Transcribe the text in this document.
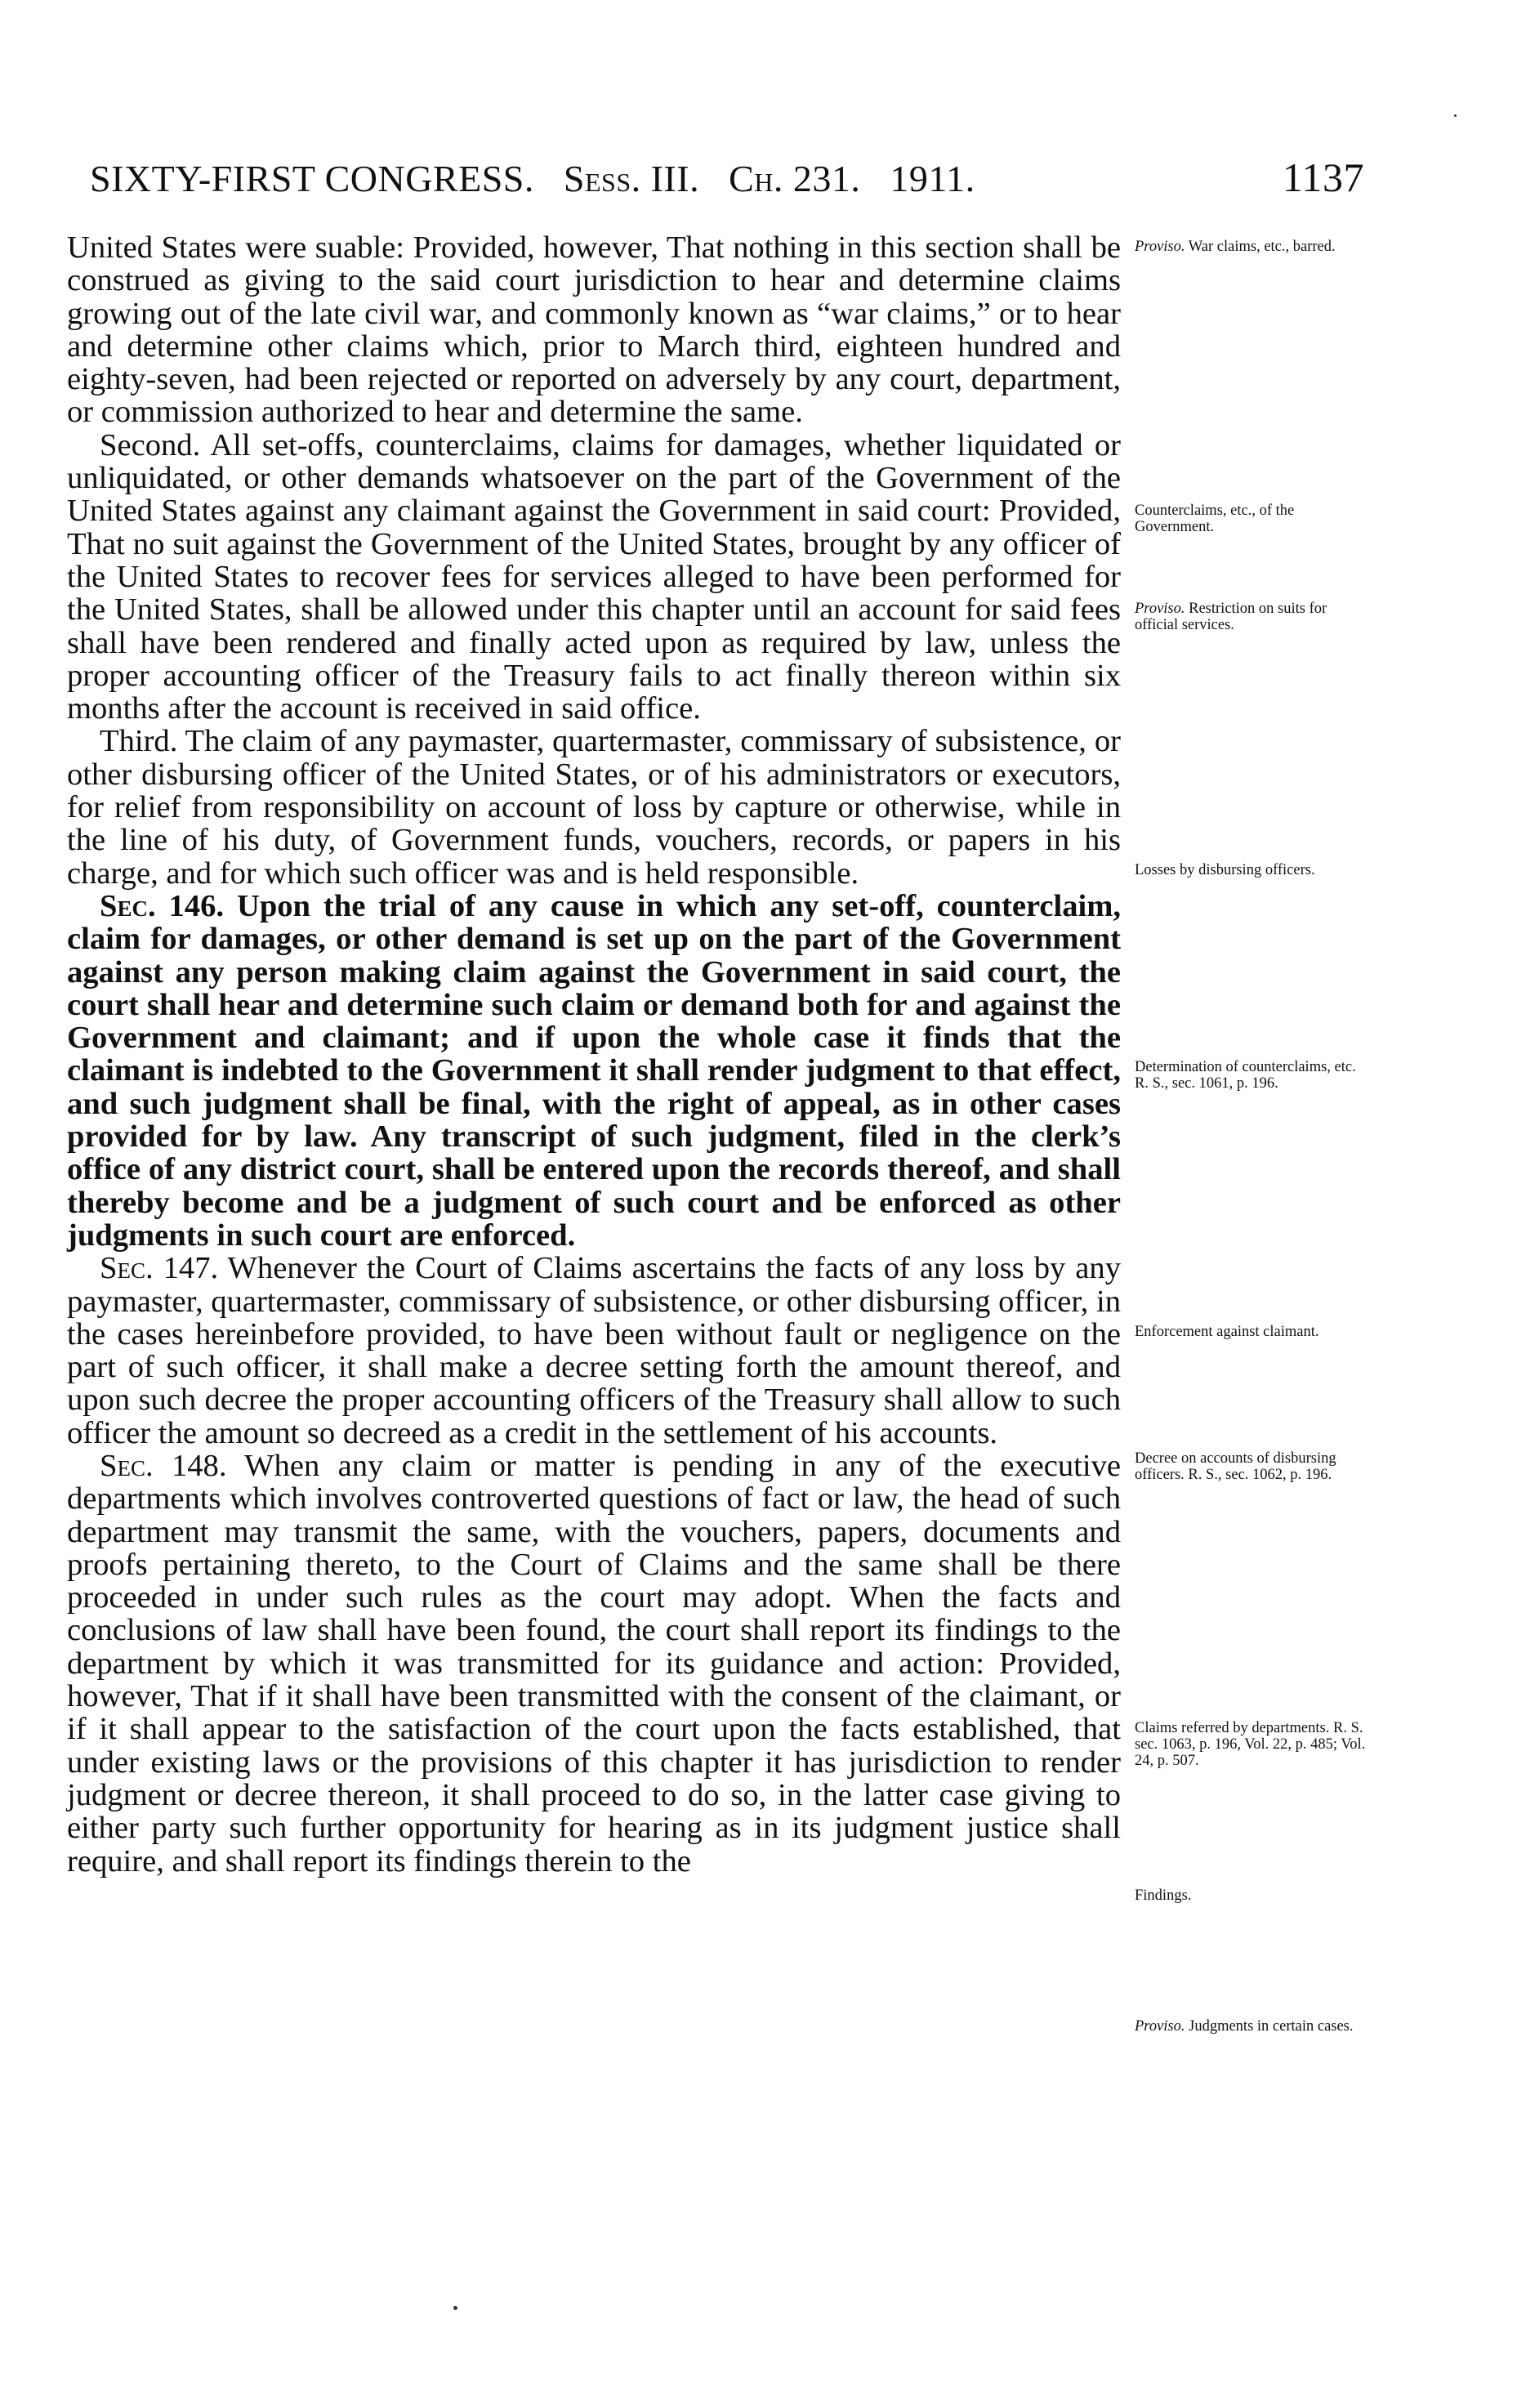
SIXTY-FIRST CONGRESS. Sess. III. Ch. 231. 1911.	1137

United States were suable: Provided, however, That nothing in this section shall be construed as giving to the said court jurisdiction to hear and determine claims growing out of the late civil war, and commonly known as “war claims,” or to hear and determine other claims which, prior to March third, eighteen hundred and eighty-seven, had been rejected or reported on adversely by any court, department, or commission authorized to hear and determine the same.

Second. All set-offs, counterclaims, claims for damages, whether liquidated or unliquidated, or other demands whatsoever on the part of the Government of the United States against any claimant against the Government in said court: Provided, That no suit against the Government of the United States, brought by any officer of the United States to recover fees for services alleged to have been performed for the United States, shall be allowed under this chapter until an account for said fees shall have been rendered and finally acted upon as required by law, unless the proper accounting officer of the Treasury fails to act finally thereon within six months after the account is received in said office.

Third. The claim of any paymaster, quartermaster, commissary of subsistence, or other disbursing officer of the United States, or of his administrators or executors, for relief from responsibility on account of loss by capture or otherwise, while in the line of his duty, of Government funds, vouchers, records, or papers in his charge, and for which such officer was and is held responsible.

Sec. 146. Upon the trial of any cause in which any set-off, counterclaim, claim for damages, or other demand is set up on the part of the Government against any person making claim against the Government in said court, the court shall hear and determine such claim or demand both for and against the Government and claimant; and if upon the whole case it finds that the claimant is indebted to the Government it shall render judgment to that effect, and such judgment shall be final, with the right of appeal, as in other cases provided for by law. Any transcript of such judgment, filed in the clerk’s office of any district court, shall be entered upon the records thereof, and shall thereby become and be a judgment of such court and be enforced as other judgments in such court are enforced.

Sec. 147. Whenever the Court of Claims ascertains the facts of any loss by any paymaster, quartermaster, commissary of subsistence, or other disbursing officer, in the cases hereinbefore provided, to have been without fault or negligence on the part of such officer, it shall make a decree setting forth the amount thereof, and upon such decree the proper accounting officers of the Treasury shall allow to such officer the amount so decreed as a credit in the settlement of his accounts.

Sec. 148. When any claim or matter is pending in any of the executive departments which involves controverted questions of fact or law, the head of such department may transmit the same, with the vouchers, papers, documents and proofs pertaining thereto, to the Court of Claims and the same shall be there proceeded in under such rules as the court may adopt. When the facts and conclusions of law shall have been found, the court shall report its findings to the department by which it was transmitted for its guidance and action: Provided, however, That if it shall have been transmitted with the consent of the claimant, or if it shall appear to the satisfaction of the court upon the facts established, that under existing laws or the provisions of this chapter it has jurisdiction to render judgment or decree thereon, it shall proceed to do so, in the latter case giving to either party such further opportunity for hearing as in its judgment justice shall require, and shall report its findings therein to the

Proviso. War claims, etc., barred.

Counterclaims, etc., of the Government.

Proviso. Restriction on suits for official services.

Losses by disbursing officers.

Determination of counterclaims, etc. R. S., sec. 1061, p. 196.

Enforcement against claimant.

Decree on accounts of disbursing officers. R. S., sec. 1062, p. 196.

Claims referred by departments. R. S. sec. 1063, p. 196, Vol. 22, p. 485; Vol. 24, p. 507.

Findings.

Proviso. Judgments in certain cases.
